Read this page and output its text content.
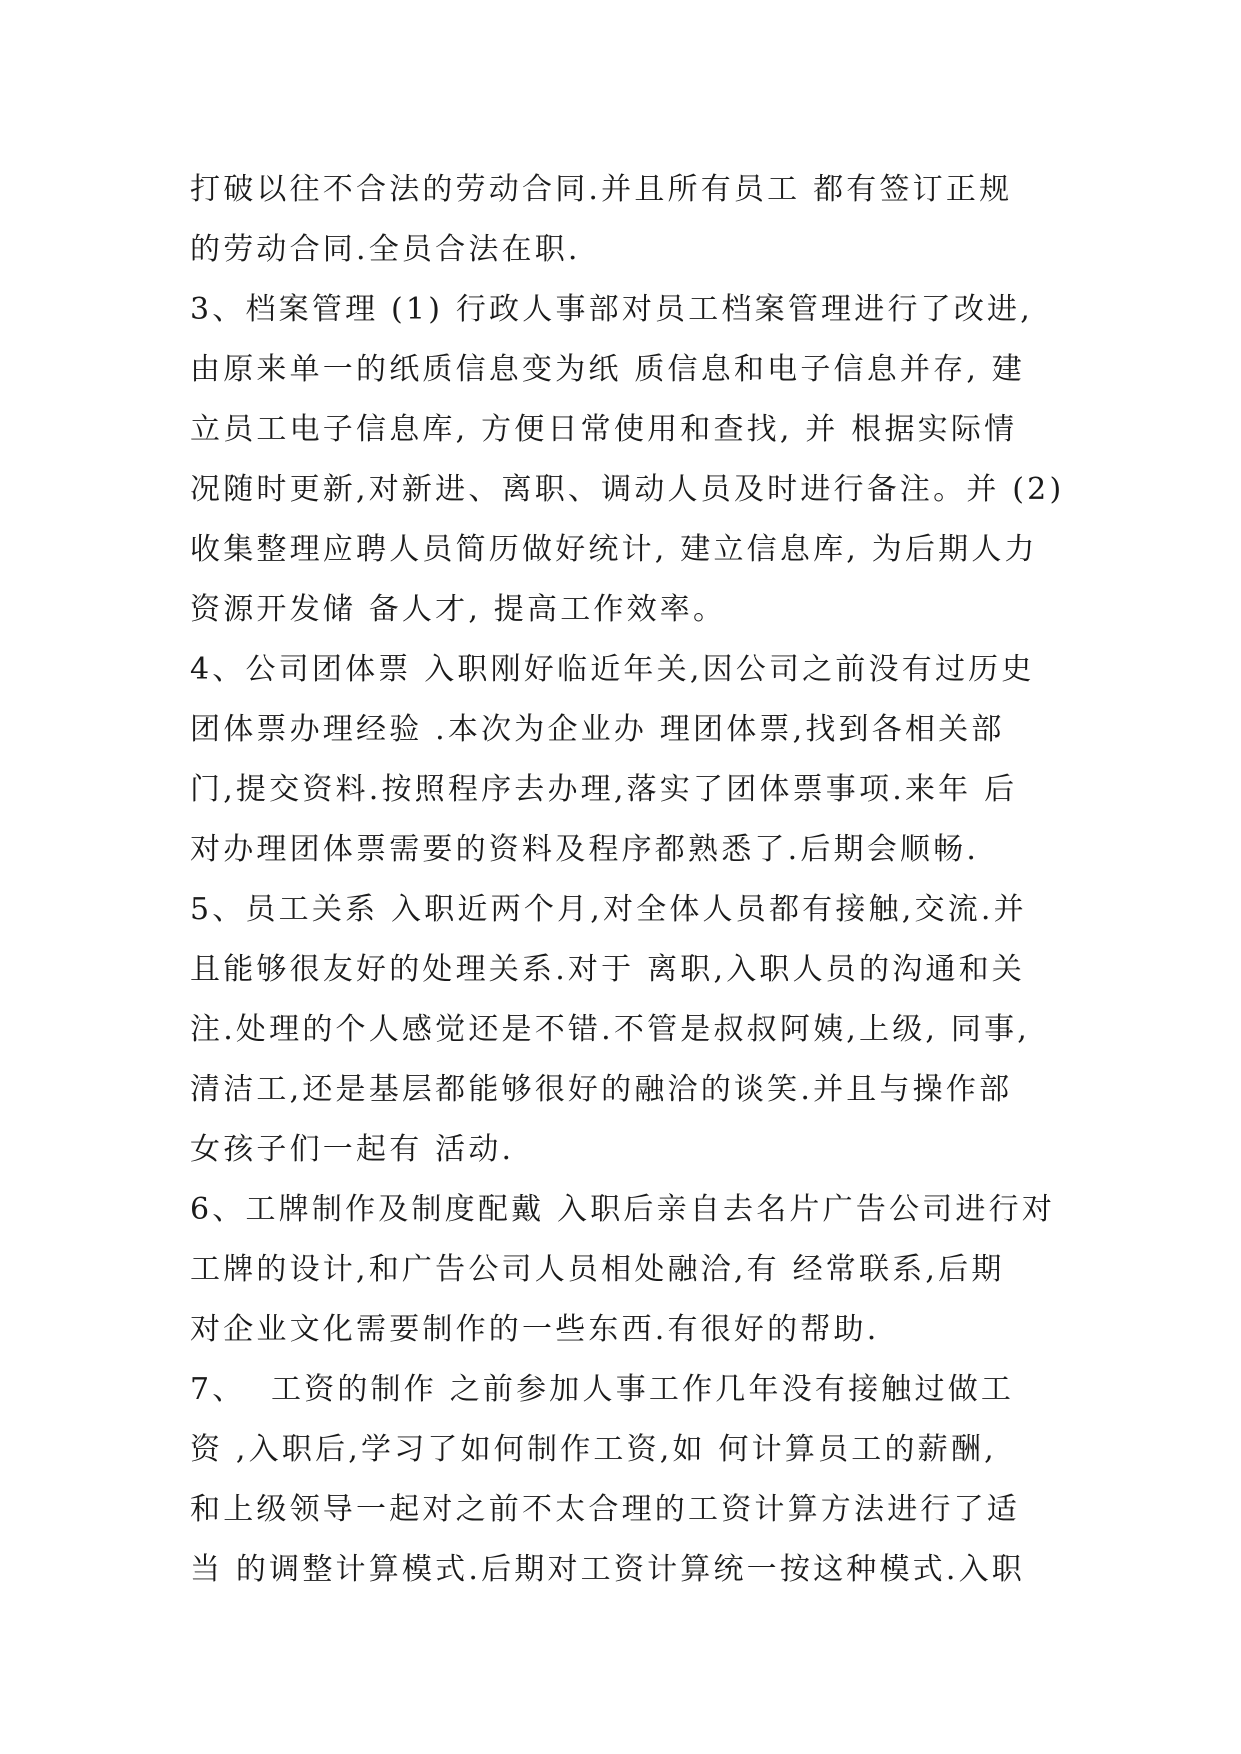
打破以往不合法的劳动合同.并且所有员工 都有签订正规
的劳动合同.全员合法在职.
3、档案管理 (1) 行政人事部对员工档案管理进行了改进,
由原来单一的纸质信息变为纸 质信息和电子信息并存, 建
立员工电子信息库, 方便日常使用和查找, 并 根据实际情
况随时更新,对新进、离职、调动人员及时进行备注。并 (2)
收集整理应聘人员简历做好统计, 建立信息库, 为后期人力
资源开发储 备人才, 提高工作效率。
4、公司团体票 入职刚好临近年关,因公司之前没有过历史
团体票办理经验 .本次为企业办 理团体票,找到各相关部
门,提交资料.按照程序去办理,落实了团体票事项.来年 后
对办理团体票需要的资料及程序都熟悉了.后期会顺畅.
5、员工关系 入职近两个月,对全体人员都有接触,交流.并
且能够很友好的处理关系.对于 离职,入职人员的沟通和关
注.处理的个人感觉还是不错.不管是叔叔阿姨,上级, 同事,
清洁工,还是基层都能够很好的融洽的谈笑.并且与操作部
女孩子们一起有 活动.
6、工牌制作及制度配戴 入职后亲自去名片广告公司进行对
工牌的设计,和广告公司人员相处融洽,有 经常联系,后期
对企业文化需要制作的一些东西.有很好的帮助.
7、  工资的制作 之前参加人事工作几年没有接触过做工
资 ,入职后,学习了如何制作工资,如 何计算员工的薪酬,
和上级领导一起对之前不太合理的工资计算方法进行了适
当 的调整计算模式.后期对工资计算统一按这种模式.入职
